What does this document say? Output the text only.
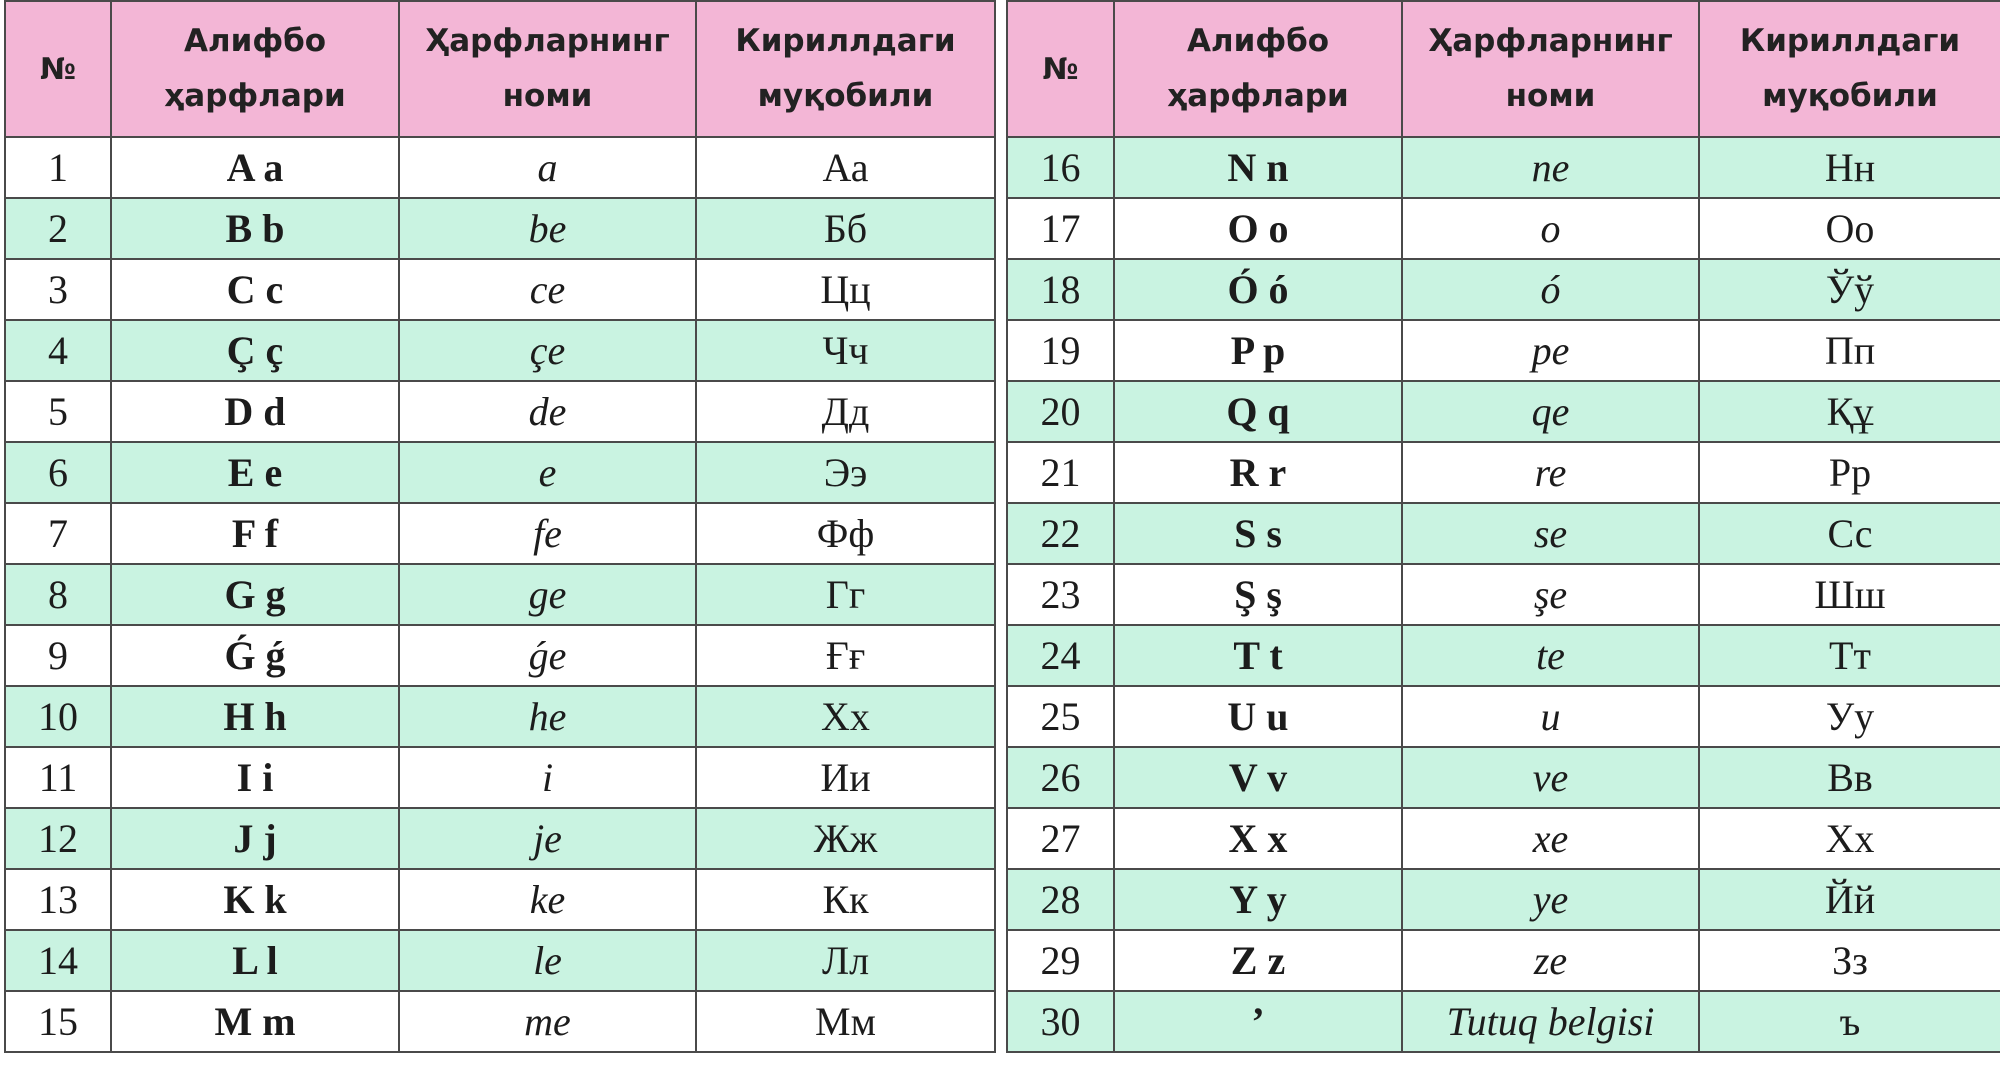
№	Алифбо ҳарфлари	Ҳарфларнинг номи	Кириллдаги муқобили
1	A a	a	Аа
2	B b	be	Бб
3	C c	ce	Цц
4	Ç ç	çe	Чч
5	D d	de	Дд
6	E e	e	Ээ
7	F f	fe	Фф
8	G g	ge	Гг
9	Ǵ ǵ	ǵe	Ғғ
10	H h	he	Хх
11	I i	i	Ии
12	J j	je	Жж
13	K k	ke	Кк
14	L l	le	Лл
15	M m	me	Мм
№	Алифбо ҳарфлари	Ҳарфларнинг номи	Кириллдаги муқобили
16	N n	ne	Нн
17	O o	o	Оо
18	Ó ó	ó	Ўў
19	P p	pe	Пп
20	Q q	qe	Құ
21	R r	re	Рр
22	S s	se	Сс
23	Ş ş	şe	Шш
24	T t	te	Тт
25	U u	u	Уу
26	V v	ve	Вв
27	X x	xe	Хх
28	Y y	ye	Йй
29	Z z	ze	Зз
30	’	Tutuq belgisi	ъ
